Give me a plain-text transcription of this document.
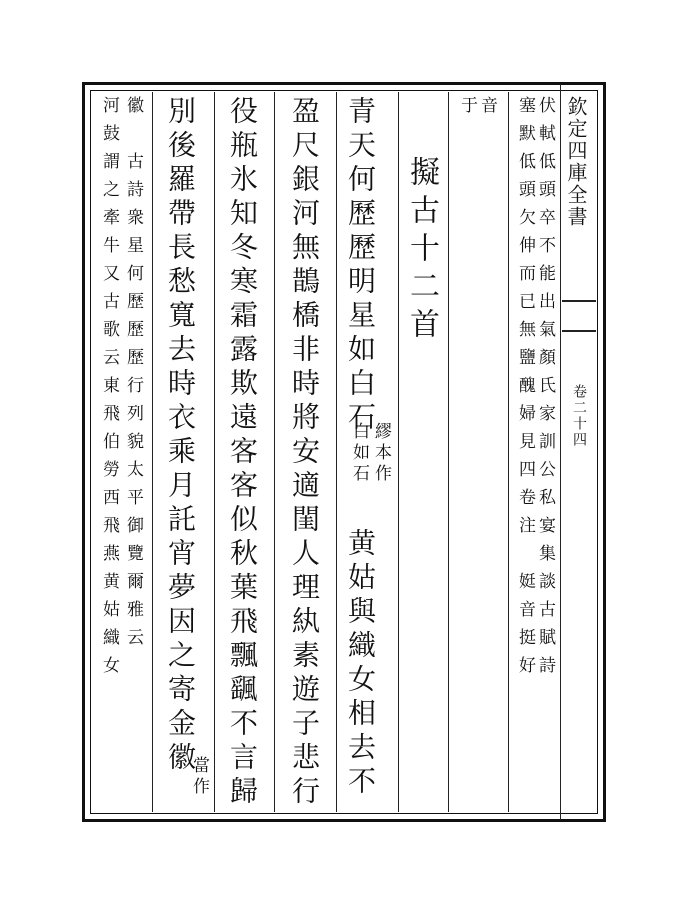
欽定四庫全書
卷二十四
伏軾低頭卒不能出氣顏氏家訓公私宴集談古賦詩
塞默低頭欠伸而已無鹽醜婦見四卷注　娗音挺好
音
于
擬古十二首
青天何歷歷明星如白石
繆本作
白如石
黄姑與織女相去不
盈尺銀河無鵲橋非時將安適閨人理紈素遊子悲行
役瓶氷知冬寒霜露欺遠客客似秋葉飛飄颻不言歸
別後羅帶長愁寬去時衣乘月託宵夢因之寄金徽
當作
徽　古詩衆星何歷歷歷行列貌太平御覽爾雅云
河鼓謂之牽牛又古歌云東飛伯勞西飛燕黄姑織女
